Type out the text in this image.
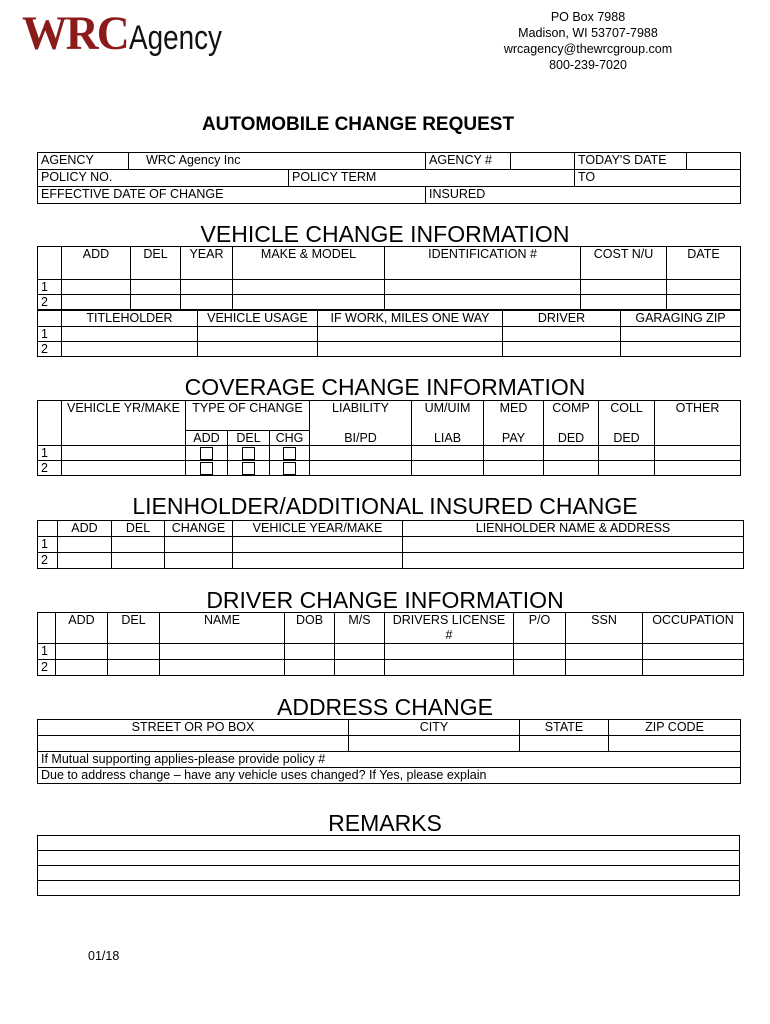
WRCAgency
PO Box 7988
Madison, WI 53707-7988
wrcagency@thewrcgroup.com
800-239-7020
AUTOMOBILE CHANGE REQUEST
AGENCY	WRC Agency Inc		AGENCY #		TODAY'S DATE	
POLICY NO.		POLICY TERM			TO	
EFFECTIVE DATE OF CHANGE			INSURED			
VEHICLE CHANGE INFORMATION
	ADD	DEL	YEAR	MAKE & MODEL	IDENTIFICATION #	COST N/U	DATE
1							
2							
	TITLEHOLDER	VEHICLE USAGE	IF WORK, MILES ONE WAY	DRIVER	GARAGING ZIP
1					
2					
COVERAGE CHANGE INFORMATION
	VEHICLE YR/MAKE	TYPE OF CHANGE			LIABILITY	UM/UIM	MED	COMP	COLL	OTHER
		ADD	DEL	CHG	BI/PD	LIAB	PAY	DED	DED	
1										
2										
LIENHOLDER/ADDITIONAL INSURED CHANGE
	ADD	DEL	CHANGE	VEHICLE YEAR/MAKE	LIENHOLDER NAME & ADDRESS
1					
2					
DRIVER CHANGE INFORMATION
	ADD	DEL	NAME	DOB	M/S	DRIVERS LICENSE #	P/O	SSN	OCCUPATION
1									
2									
ADDRESS CHANGE
STREET OR PO BOX	CITY	STATE	ZIP CODE

If Mutual supporting applies-please provide policy #			
Due to address change – have any vehicle uses changed? If Yes, please explain			
REMARKS

01/18
